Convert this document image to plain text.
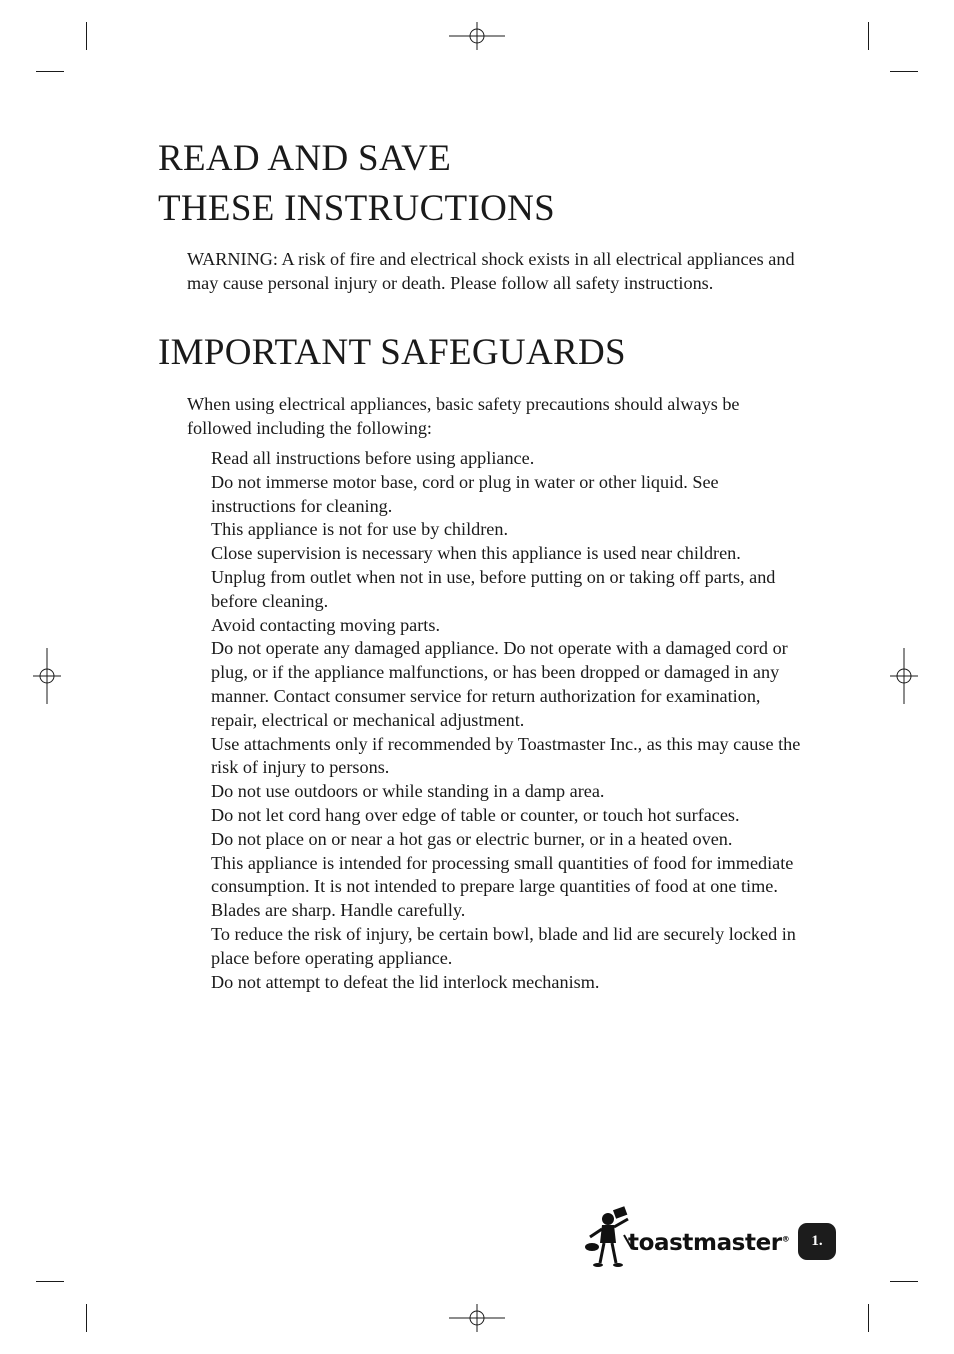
READ AND SAVE
THESE INSTRUCTIONS

WARNING: A risk of fire and electrical shock exists in all electrical appliances and may cause personal injury or death. Please follow all safety instructions.

IMPORTANT SAFEGUARDS

When using electrical appliances, basic safety precautions should always be followed including the following:

Read all instructions before using appliance.
Do not immerse motor base, cord or plug in water or other liquid. See instructions for cleaning.
This appliance is not for use by children.
Close supervision is necessary when this appliance is used near children.
Unplug from outlet when not in use, before putting on or taking off parts, and before cleaning.
Avoid contacting moving parts.
Do not operate any damaged appliance. Do not operate with a damaged cord or plug, or if the appliance malfunctions, or has been dropped or damaged in any manner. Contact consumer service for return authorization for examination, repair, electrical or mechanical adjustment.
Use attachments only if recommended by Toastmaster Inc., as this may cause the risk of injury to persons.
Do not use outdoors or while standing in a damp area.
Do not let cord hang over edge of table or counter, or touch hot surfaces.
Do not place on or near a hot gas or electric burner, or in a heated oven.
This appliance is intended for processing small quantities of food for immediate consumption. It is not intended to prepare large quantities of food at one time.
Blades are sharp. Handle carefully.
To reduce the risk of injury, be certain bowl, blade and lid are securely locked in place before operating appliance.
Do not attempt to defeat the lid interlock mechanism.
toastmaster® 1.
